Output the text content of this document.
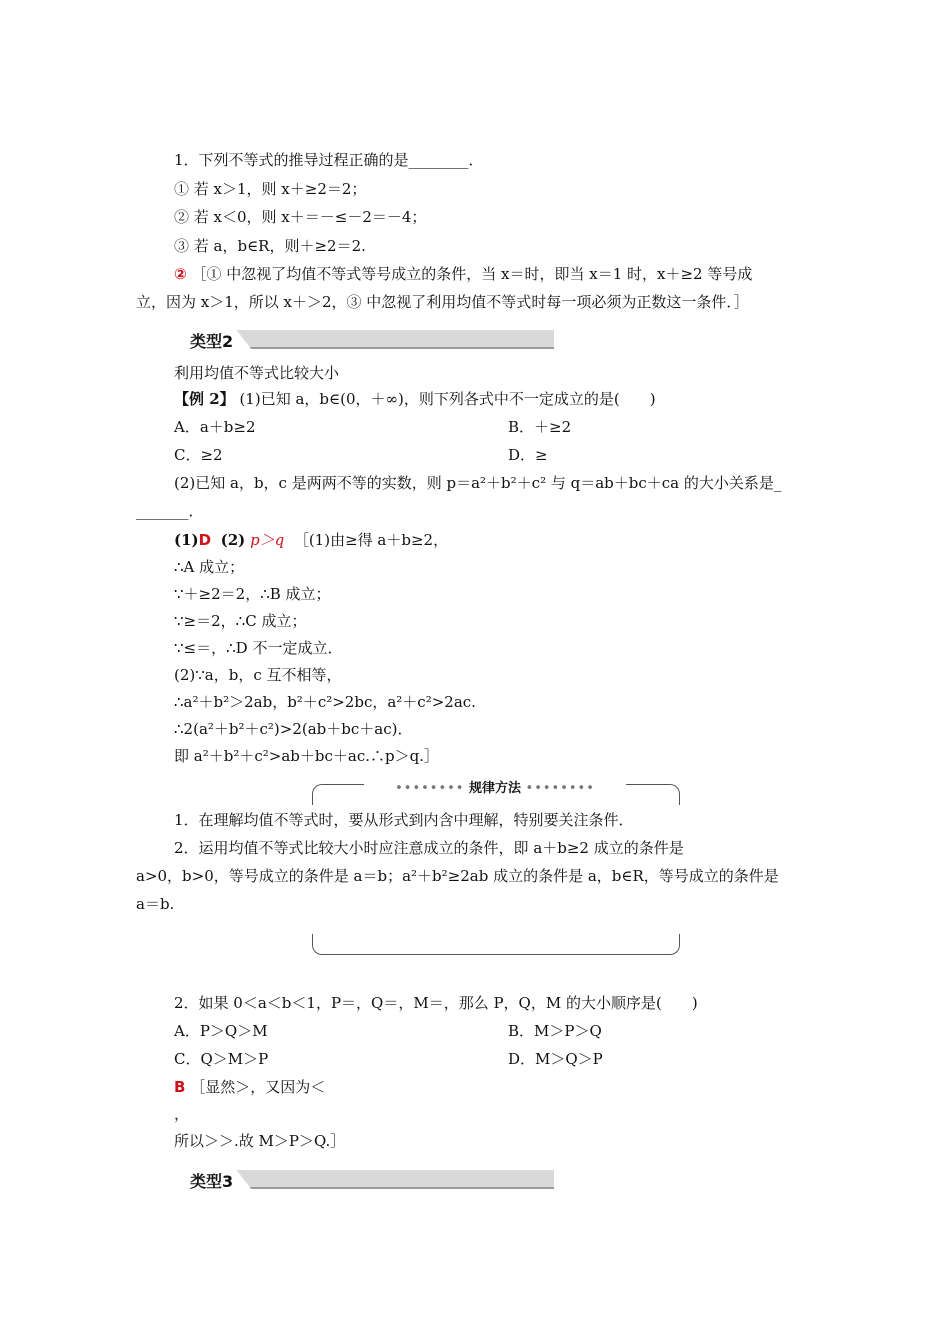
1．下列不等式的推导过程正确的是________．
① 若 x＞1，则 x＋≥2＝2；
② 若 x＜0，则 x＋＝－≤－2＝－4；
③ 若 a，b∈R，则＋≥2＝2.
② ［① 中忽视了均值不等式等号成立的条件，当 x＝时，即当 x＝1 时，x＋≥2 等号成
立，因为 x＞1，所以 x＋＞2，③ 中忽视了利用均值不等式时每一项必须为正数这一条件．］
类型2
利用均值不等式比较大小
【例 2】 (1)已知 a，b∈(0，＋∞)，则下列各式中不一定成立的是(　　)
A．a＋b≥2	B．＋≥2
C．≥2	D．≥
(2)已知 a，b，c 是两两不等的实数，则 p＝a²＋b²＋c² 与 q＝ab＋bc＋ca 的大小关系是_
_______．
(1)D (2) p＞q ［(1)由≥得 a＋b≥2，
∴A 成立；
∵＋≥2＝2，∴B 成立；
∵≥＝2，∴C 成立；
∵≤＝，∴D 不一定成立．
(2)∵a，b，c 互不相等，
∴a²＋b²＞2ab，b²＋c²>2bc，a²＋c²>2ac.
∴2(a²＋b²＋c²)>2(ab＋bc＋ac)．
即 a²＋b²＋c²>ab＋bc＋ac.∴p＞q.］
•••••••• 规律方法 ••••••••
1．在理解均值不等式时，要从形式到内含中理解，特别要关注条件．
2．运用均值不等式比较大小时应注意成立的条件，即 a＋b≥2 成立的条件是
a>0，b>0，等号成立的条件是 a＝b；a²＋b²≥2ab 成立的条件是 a，b∈R，等号成立的条件是
a＝b.
2．如果 0＜a＜b＜1，P＝，Q＝，M＝，那么 P，Q，M 的大小顺序是(　　)
A．P＞Q＞M	B．M＞P＞Q
C．Q＞M＞P	D．M＞Q＞P
B ［显然＞，又因为＜
，
所以＞＞.故 M＞P＞Q.］
类型3
